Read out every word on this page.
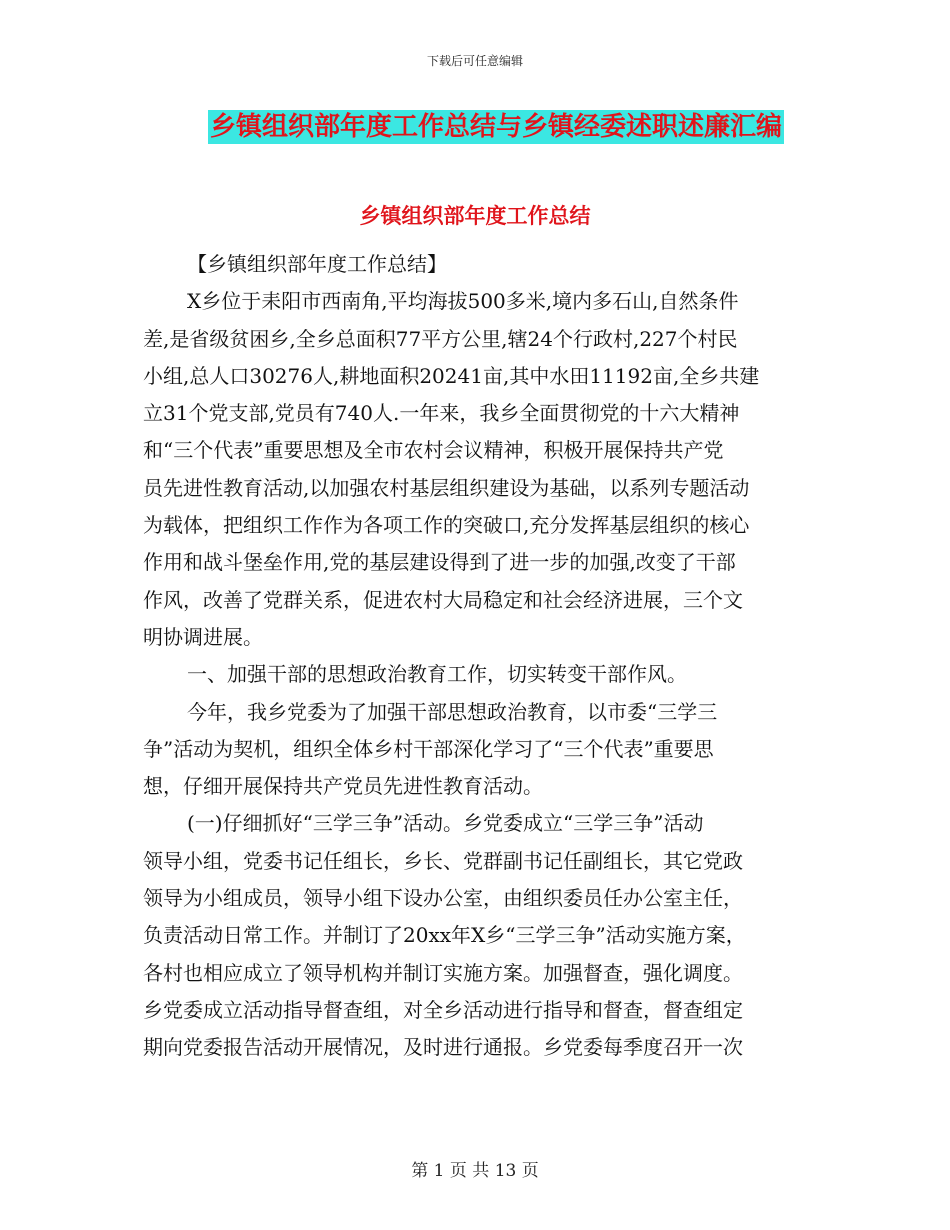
下载后可任意编辑
乡镇组织部年度工作总结与乡镇经委述职述廉汇编
乡镇组织部年度工作总结
【乡镇组织部年度工作总结】
X乡位于耒阳市西南角,平均海拔500多米,境内多石山,自然条件
差,是省级贫困乡,全乡总面积77平方公里,辖24个行政村,227个村民
小组,总人口30276人,耕地面积20241亩,其中水田11192亩,全乡共建
立31个党支部,党员有740人.一年来，我乡全面贯彻党的十六大精神
和“三个代表”重要思想及全市农村会议精神，积极开展保持共产党
员先进性教育活动,以加强农村基层组织建设为基础，以系列专题活动
为载体，把组织工作作为各项工作的突破口,充分发挥基层组织的核心
作用和战斗堡垒作用,党的基层建设得到了进一步的加强,改变了干部
作风，改善了党群关系，促进农村大局稳定和社会经济进展，三个文
明协调进展。
一、加强干部的思想政治教育工作，切实转变干部作风。
今年，我乡党委为了加强干部思想政治教育，以市委“三学三
争”活动为契机，组织全体乡村干部深化学习了“三个代表”重要思
想，仔细开展保持共产党员先进性教育活动。
(一)仔细抓好“三学三争”活动。乡党委成立“三学三争”活动
领导小组，党委书记任组长，乡长、党群副书记任副组长，其它党政
领导为小组成员，领导小组下设办公室，由组织委员任办公室主任，
负责活动日常工作。并制订了20xx年X乡“三学三争”活动实施方案，
各村也相应成立了领导机构并制订实施方案。加强督查，强化调度。
乡党委成立活动指导督查组，对全乡活动进行指导和督查，督查组定
期向党委报告活动开展情况，及时进行通报。乡党委每季度召开一次
第 1 页 共 13 页
